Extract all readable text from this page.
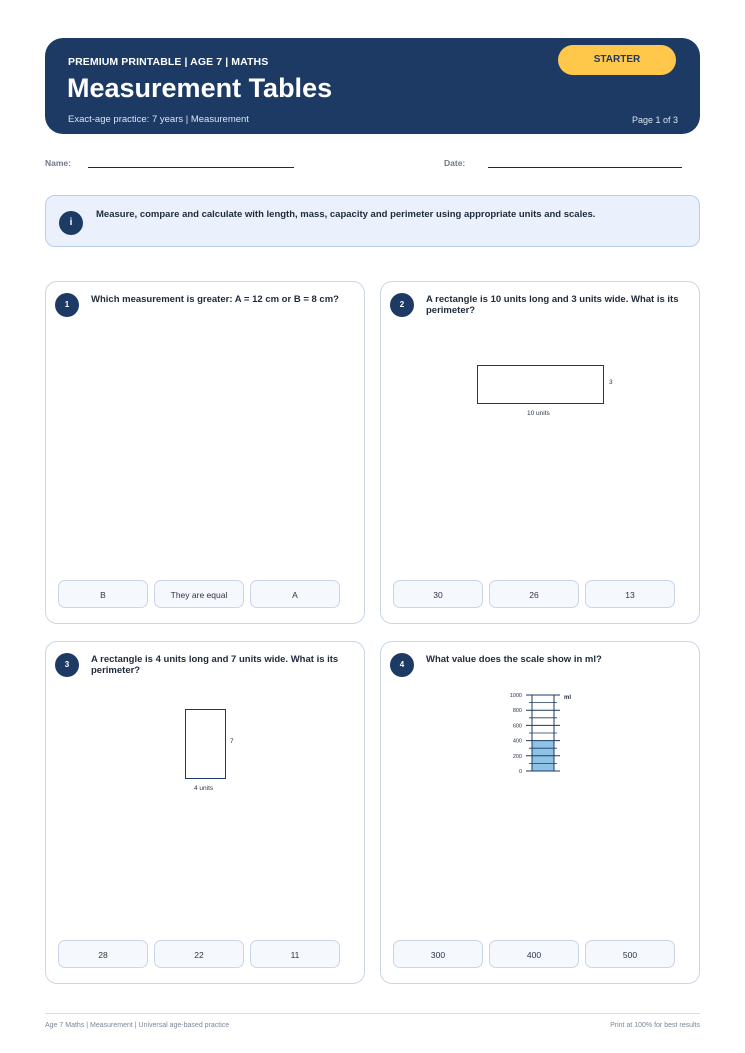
PREMIUM PRINTABLE | AGE 7 | MATHS
Measurement Tables
Exact-age practice: 7 years | Measurement	Page 1 of 3
STARTER
Name:	Date:
i
Measure, compare and calculate with length, mass, capacity and perimeter using appropriate units and scales.
1	Which measurement is greater: A = 12 cm or B = 8 cm?
B	They are equal	A
2	A rectangle is 10 units long and 3 units wide. What is its perimeter?
3
10 units
30	26	13
3	A rectangle is 4 units long and 7 units wide. What is its perimeter?
7
4 units
28	22	11
4	What value does the scale show in ml?
1000
800
600
400
200
0
ml
300	400	500
Age 7 Maths | Measurement | Universal age-based practice	Print at 100% for best results
